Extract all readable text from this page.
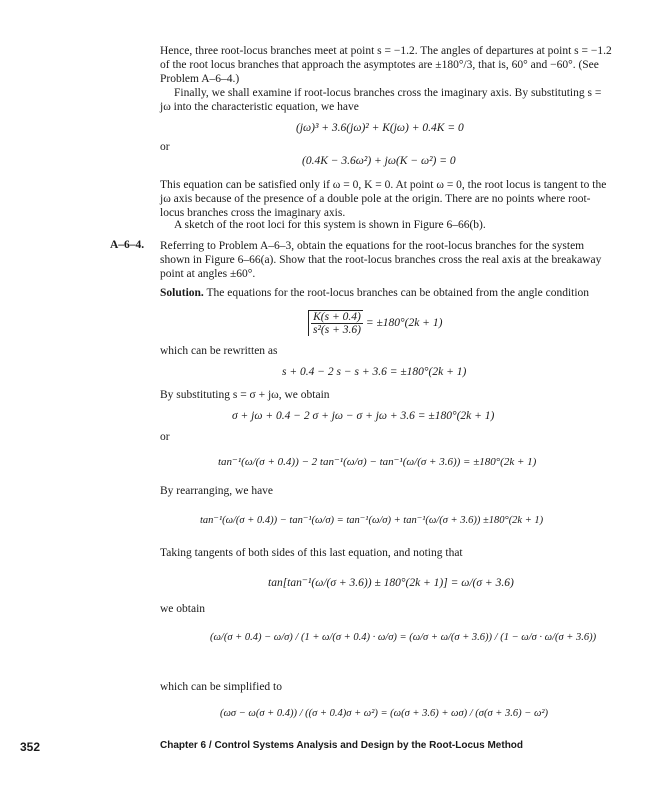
Hence, three root-locus branches meet at point s = −1.2. The angles of departures at point s = −1.2 of the root locus branches that approach the asymptotes are ±180°/3, that is, 60° and −60°. (See Problem A–6–4.)
Finally, we shall examine if root-locus branches cross the imaginary axis. By substituting s = jω into the characteristic equation, we have
(jω)³ + 3.6(jω)² + K(jω) + 0.4K = 0
or
(0.4K − 3.6ω²) + jω(K − ω²) = 0
This equation can be satisfied only if ω = 0, K = 0. At point ω = 0, the root locus is tangent to the jω axis because of the presence of a double pole at the origin. There are no points where root-locus branches cross the imaginary axis.
A sketch of the root loci for this system is shown in Figure 6–66(b).
A–6–4. Referring to Problem A–6–3, obtain the equations for the root-locus branches for the system shown in Figure 6–66(a). Show that the root-locus branches cross the real axis at the breakaway point at angles ±60°.
Solution. The equations for the root-locus branches can be obtained from the angle condition
$\frac{K(s + 0.4)}{\text{s²(s + 3.6)}} = \pm 180^\circ(2k + 1)$
which can be rewritten as
s + 0.4 − 2 s − s + 3.6 = ±180°(2k + 1)
By substituting s = σ + jω, we obtain
σ + jω + 0.4 − 2 σ + jω − σ + jω + 3.6 = ±180°(2k + 1)
or
tan⁻¹(ω/(σ + 0.4)) − 2 tan⁻¹(ω/σ) − tan⁻¹(ω/(σ + 3.6)) = ±180°(2k + 1)
By rearranging, we have
tan⁻¹(ω/(σ + 0.4)) − tan⁻¹(ω/σ) = tan⁻¹(ω/σ) + tan⁻¹(ω/(σ + 3.6)) ±180°(2k + 1)
Taking tangents of both sides of this last equation, and noting that
tan[tan⁻¹(ω/(σ + 3.6)) ± 180°(2k + 1)] = ω/(σ + 3.6)
we obtain
(ω/(σ + 0.4) − ω/σ) / (1 + ω/(σ + 0.4) · ω/σ) = (ω/σ + ω/(σ + 3.6)) / (1 − ω/σ · ω/(σ + 3.6))
which can be simplified to
(ωσ − ω(σ + 0.4)) / ((σ + 0.4)σ + ω²) = (ω(σ + 3.6) + ωσ) / (σ(σ + 3.6) − ω²)
352	Chapter 6 / Control Systems Analysis and Design by the Root-Locus Method
